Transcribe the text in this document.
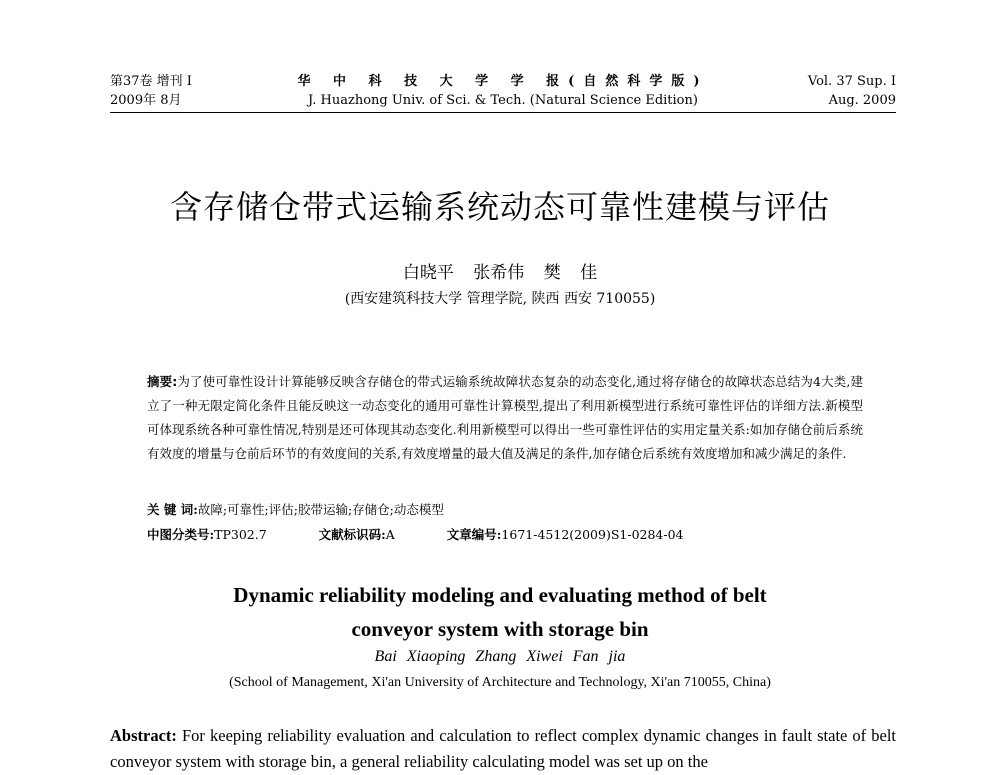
第37卷 增刊 I
2009年 8月
华 中 科 技 大 学 学 报(自然科学版)
J. Huazhong Univ. of Sci. & Tech. (Natural Science Edition)
Vol. 37 Sup. I
Aug. 2009
含存储仓带式运输系统动态可靠性建模与评估
白晓平 张希伟 樊 佳
(西安建筑科技大学 管理学院, 陕西 西安 710055)
摘要:为了使可靠性设计计算能够反映含存储仓的带式运输系统故障状态复杂的动态变化,通过将存储仓的故障状态总结为4大类,建立了一种无限定简化条件且能反映这一动态变化的通用可靠性计算模型,提出了利用新模型进行系统可靠性评估的详细方法.新模型可体现系统各种可靠性情况,特别是还可体现其动态变化.利用新模型可以得出一些可靠性评估的实用定量关系:如加存储仓前后系统有效度的增量与仓前后环节的有效度间的关系,有效度增量的最大值及满足的条件,加存储仓后系统有效度增加和减少满足的条件.
关 键 词:故障;可靠性;评估;胶带运输;存储仓;动态模型
中图分类号:TP302.7	文献标识码:A	文章编号:1671-4512(2009)S1-0284-04
Dynamic reliability modeling and evaluating method of belt
conveyor system with storage bin
Bai Xiaoping Zhang Xiwei Fan jia
(School of Management, Xi'an University of Architecture and Technology, Xi'an 710055, China)
Abstract: For keeping reliability evaluation and calculation to reflect complex dynamic changes in fault state of belt conveyor system with storage bin, a general reliability calculating model was set up on the
